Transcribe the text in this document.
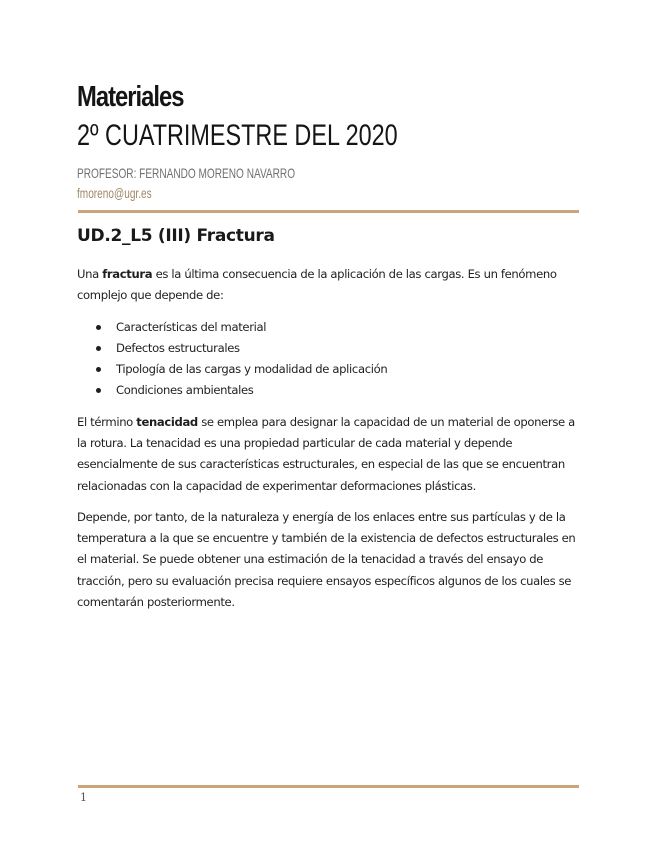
Materiales
2º CUATRIMESTRE DEL 2020
PROFESOR: FERNANDO MORENO NAVARRO
fmoreno@ugr.es
UD.2_L5 (III) Fractura
Una fractura es la última consecuencia de la aplicación de las cargas. Es un fenómeno complejo que depende de:
Características del material
Defectos estructurales
Tipología de las cargas y modalidad de aplicación
Condiciones ambientales
El término tenacidad se emplea para designar la capacidad de un material de oponerse a la rotura. La tenacidad es una propiedad particular de cada material y depende esencialmente de sus características estructurales, en especial de las que se encuentran relacionadas con la capacidad de experimentar deformaciones plásticas.
Depende, por tanto, de la naturaleza y energía de los enlaces entre sus partículas y de la temperatura a la que se encuentre y también de la existencia de defectos estructurales en el material. Se puede obtener una estimación de la tenacidad a través del ensayo de tracción, pero su evaluación precisa requiere ensayos específicos algunos de los cuales se comentarán posteriormente.
1
